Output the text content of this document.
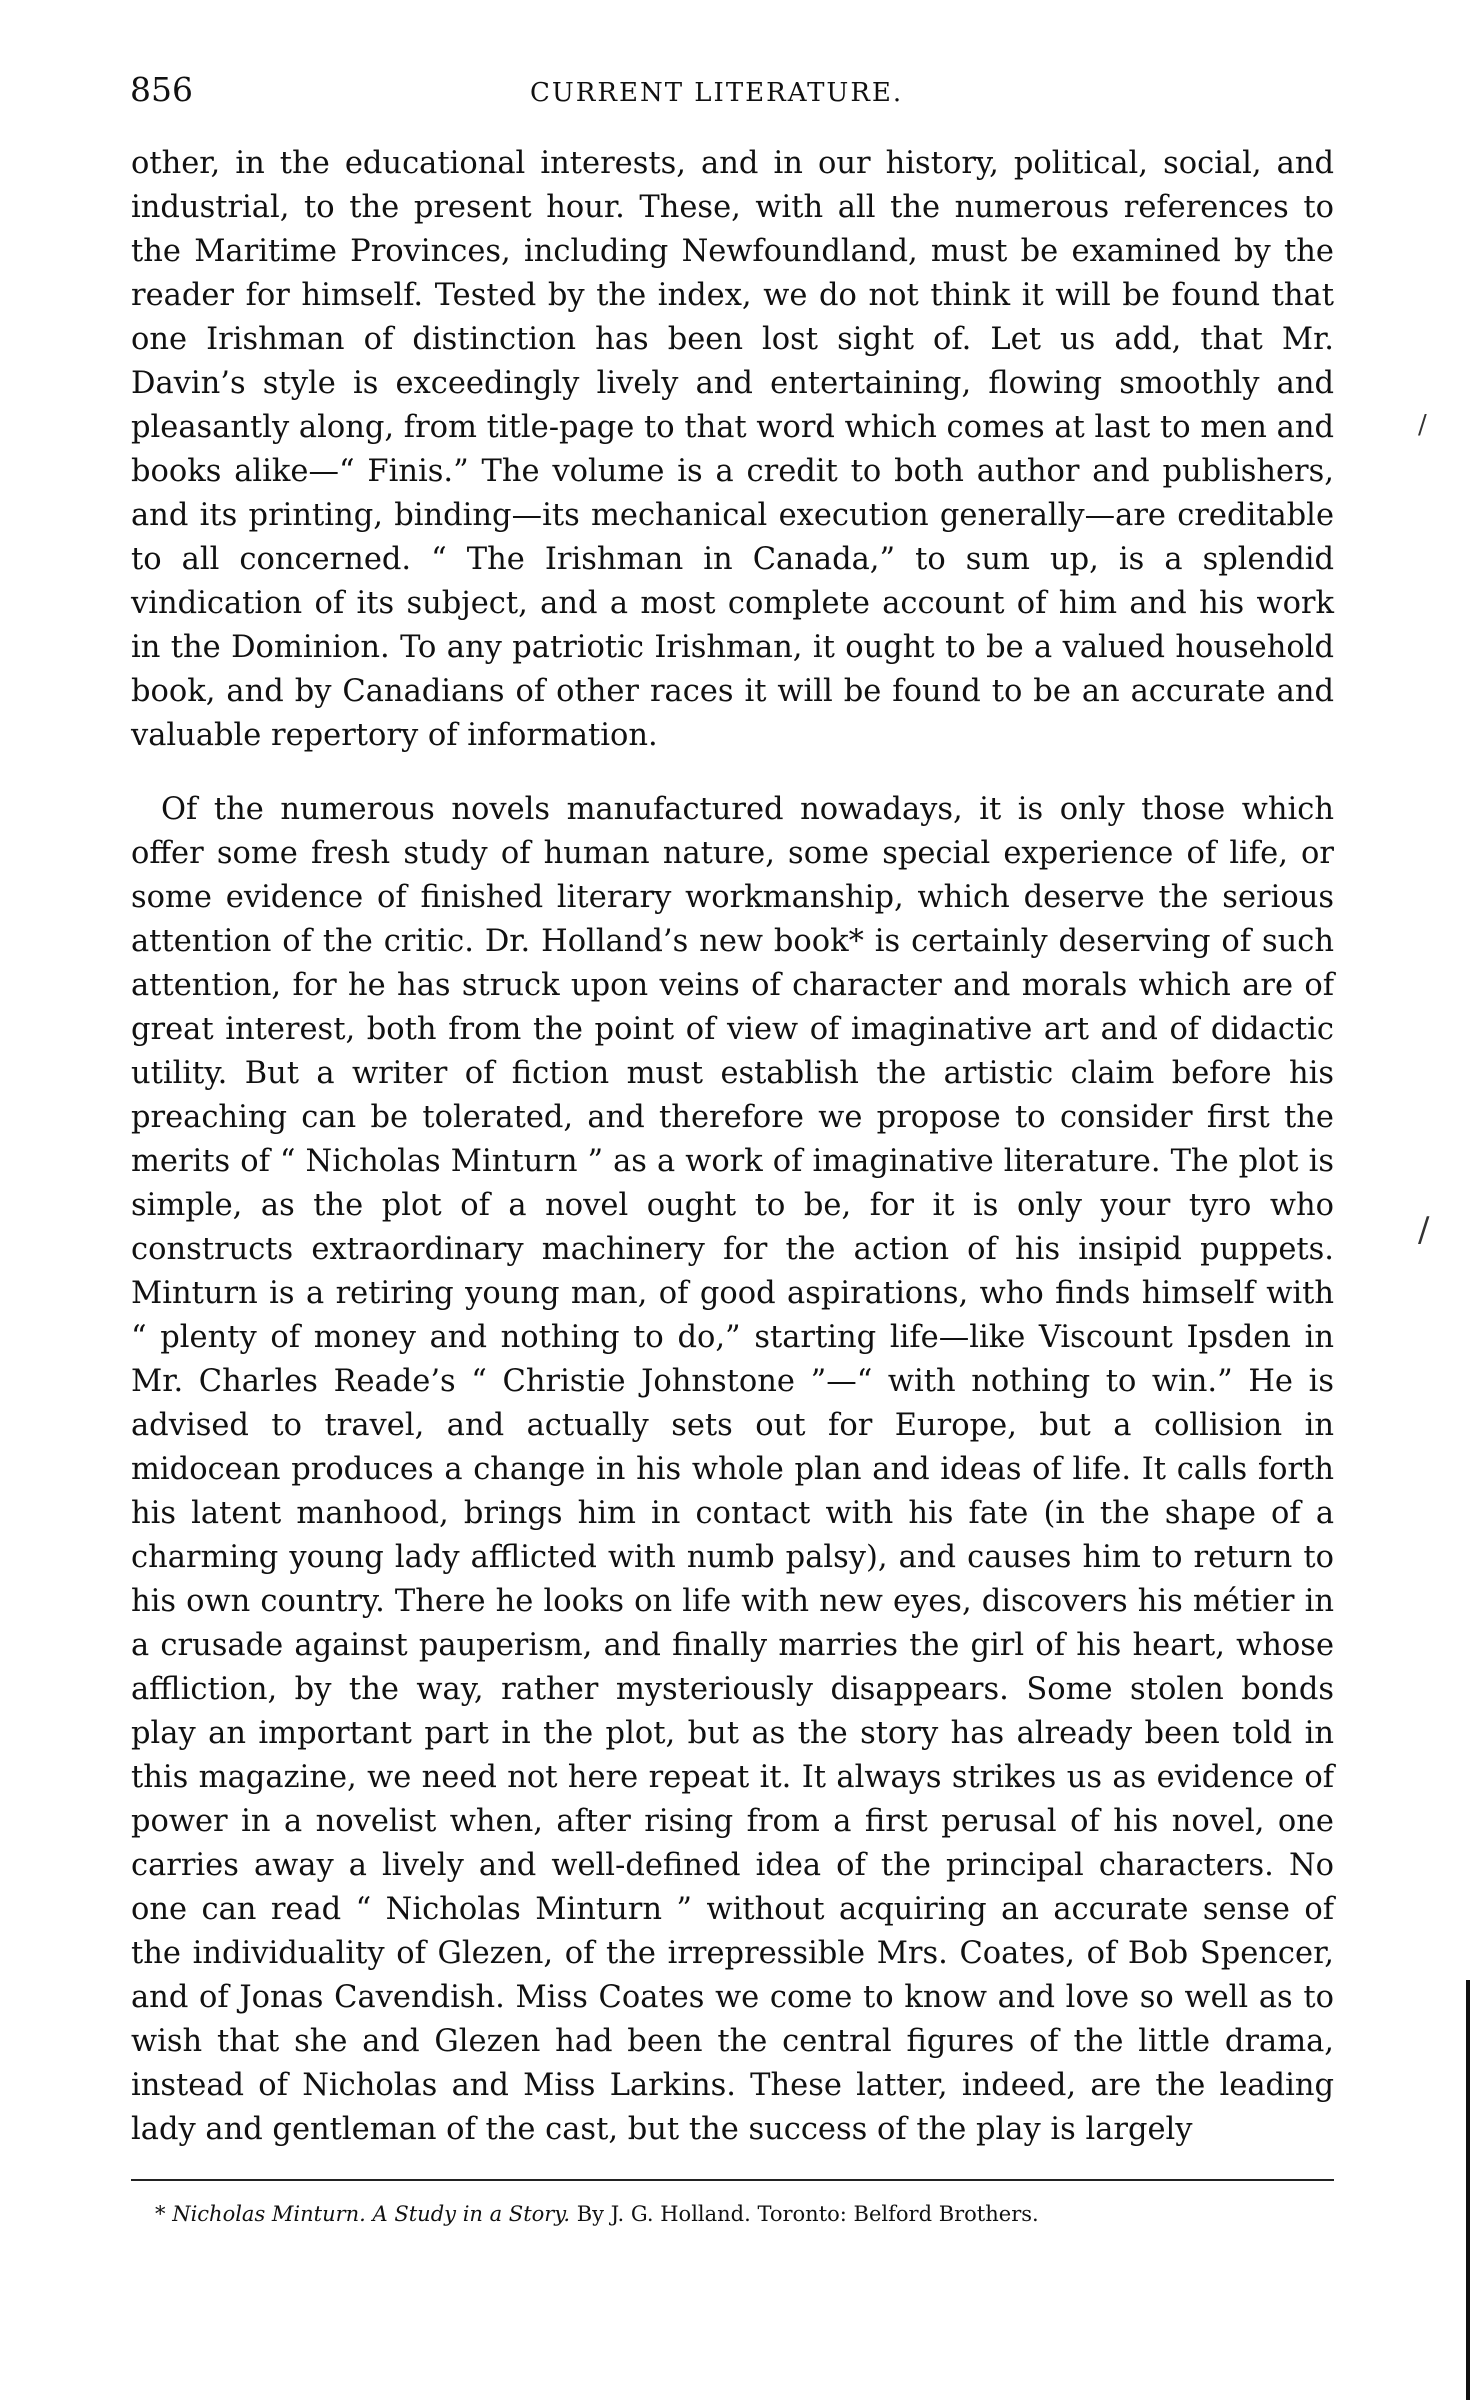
856	CURRENT LITERATURE.

other, in the educational interests, and in our history, political, social, and industrial, to the present hour. These, with all the numerous references to the Maritime Provinces, including Newfoundland, must be examined by the reader for himself. Tested by the index, we do not think it will be found that one Irishman of distinction has been lost sight of. Let us add, that Mr. Davin’s style is exceedingly lively and entertaining, flowing smoothly and pleasantly along, from title-page to that word which comes at last to men and books alike—“ Finis.” The volume is a credit to both author and publishers, and its printing, binding—its mechanical execution generally—are creditable to all concerned. “ The Irishman in Canada,” to sum up, is a splendid vindication of its subject, and a most complete account of him and his work in the Dominion. To any patriotic Irishman, it ought to be a valued household book, and by Canadians of other races it will be found to be an accurate and valuable repertory of information.

Of the numerous novels manufactured nowadays, it is only those which offer some fresh study of human nature, some special experience of life, or some evidence of finished literary workmanship, which deserve the serious attention of the critic. Dr. Holland’s new book* is certainly deserving of such attention, for he has struck upon veins of character and morals which are of great interest, both from the point of view of imaginative art and of didactic utility. But a writer of fiction must establish the artistic claim before his preaching can be tolerated, and therefore we propose to consider first the merits of “ Nicholas Minturn ” as a work of imaginative literature. The plot is simple, as the plot of a novel ought to be, for it is only your tyro who constructs extraordinary machinery for the action of his insipid puppets. Minturn is a retiring young man, of good aspirations, who finds himself with “ plenty of money and nothing to do,” starting life—like Viscount Ipsden in Mr. Charles Reade’s “ Christie Johnstone ”—“ with nothing to win.” He is advised to travel, and actually sets out for Europe, but a collision in midocean produces a change in his whole plan and ideas of life. It calls forth his latent manhood, brings him in contact with his fate (in the shape of a charming young lady afflicted with numb palsy), and causes him to return to his own country. There he looks on life with new eyes, discovers his métier in a crusade against pauperism, and finally marries the girl of his heart, whose affliction, by the way, rather mysteriously disappears. Some stolen bonds play an important part in the plot, but as the story has already been told in this magazine, we need not here repeat it. It always strikes us as evidence of power in a novelist when, after rising from a first perusal of his novel, one carries away a lively and well-defined idea of the principal characters. No one can read “ Nicholas Minturn ” without acquiring an accurate sense of the individuality of Glezen, of the irrepressible Mrs. Coates, of Bob Spencer, and of Jonas Cavendish. Miss Coates we come to know and love so well as to wish that she and Glezen had been the central figures of the little drama, instead of Nicholas and Miss Larkins. These latter, indeed, are the leading lady and gentleman of the cast, but the success of the play is largely

* Nicholas Minturn. A Study in a Story. By J. G. Holland. Toronto: Belford Brothers.
/
/
